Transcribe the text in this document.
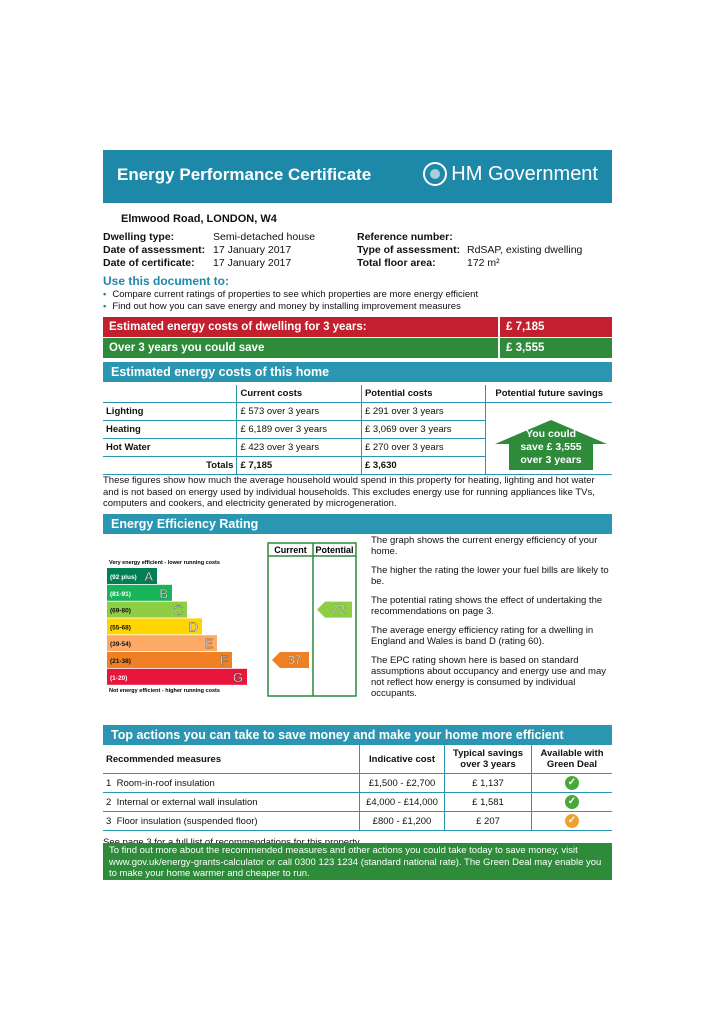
Energy Performance Certificate	HM Government
Elmwood Road, LONDON, W4
Dwelling type:	Semi-detached house
Date of assessment: 17 January 2017
Date of certificate: 17 January 2017
Reference number:
Type of assessment: RdSAP, existing dwelling
Total floor area:	172 m²
Use this document to:
• Compare current ratings of properties to see which properties are more energy efficient
• Find out how you can save energy and money by installing improvement measures
Estimated energy costs of dwelling for 3 years:	£ 7,185
Over 3 years you could save	£ 3,555
Estimated energy costs of this home
	Current costs	Potential costs	Potential future savings
Lighting	£ 573 over 3 years	£ 291 over 3 years	
Heating	£ 6,189 over 3 years	£ 3,069 over 3 years	
Hot Water	£ 423 over 3 years	£ 270 over 3 years	
Totals	£ 7,185	£ 3,630	
You could
save £ 3,555
over 3 years
These figures show how much the average household would spend in this property for heating, lighting and hot water and is not based on energy used by individual households. This excludes energy use for running appliances like TVs, computers and cookers, and electricity generated by microgeneration.
Energy Efficiency Rating
Current Potential
Very energy efficient - lower running costs
Not energy efficient - higher running costs
(92 plus) A
(81-91) B
(69-80)	C
(55-68)	D
(39-54)	E
(21-38)	F
(1-20)	G
37
72

The graph shows the current energy efficiency of your home.

The higher the rating the lower your fuel bills are likely to be.

The potential rating shows the effect of undertaking the recommendations on page 3.

The average energy efficiency rating for a dwelling in England and Wales is band D (rating 60).

The EPC rating shown here is based on standard assumptions about occupancy and energy use and may not reflect how energy is consumed by individual occupants.

Top actions you can take to save money and make your home more efficient
Recommended measures	Indicative cost	Typical savings over 3 years	Available with Green Deal
1 Room-in-roof insulation	£1,500 - £2,700	£ 1,137	✓
2 Internal or external wall insulation	£4,000 - £14,000	£ 1,581	✓
3 Floor insulation (suspended floor)	£800 - £1,200	£ 207	✓
To find out more about the recommended measures and other actions you could take today to save money, visit www.gov.uk/energy-grants-calculator or call 0300 123 1234 (standard national rate). The Green Deal may enable you to make your home warmer and cheaper to run.
